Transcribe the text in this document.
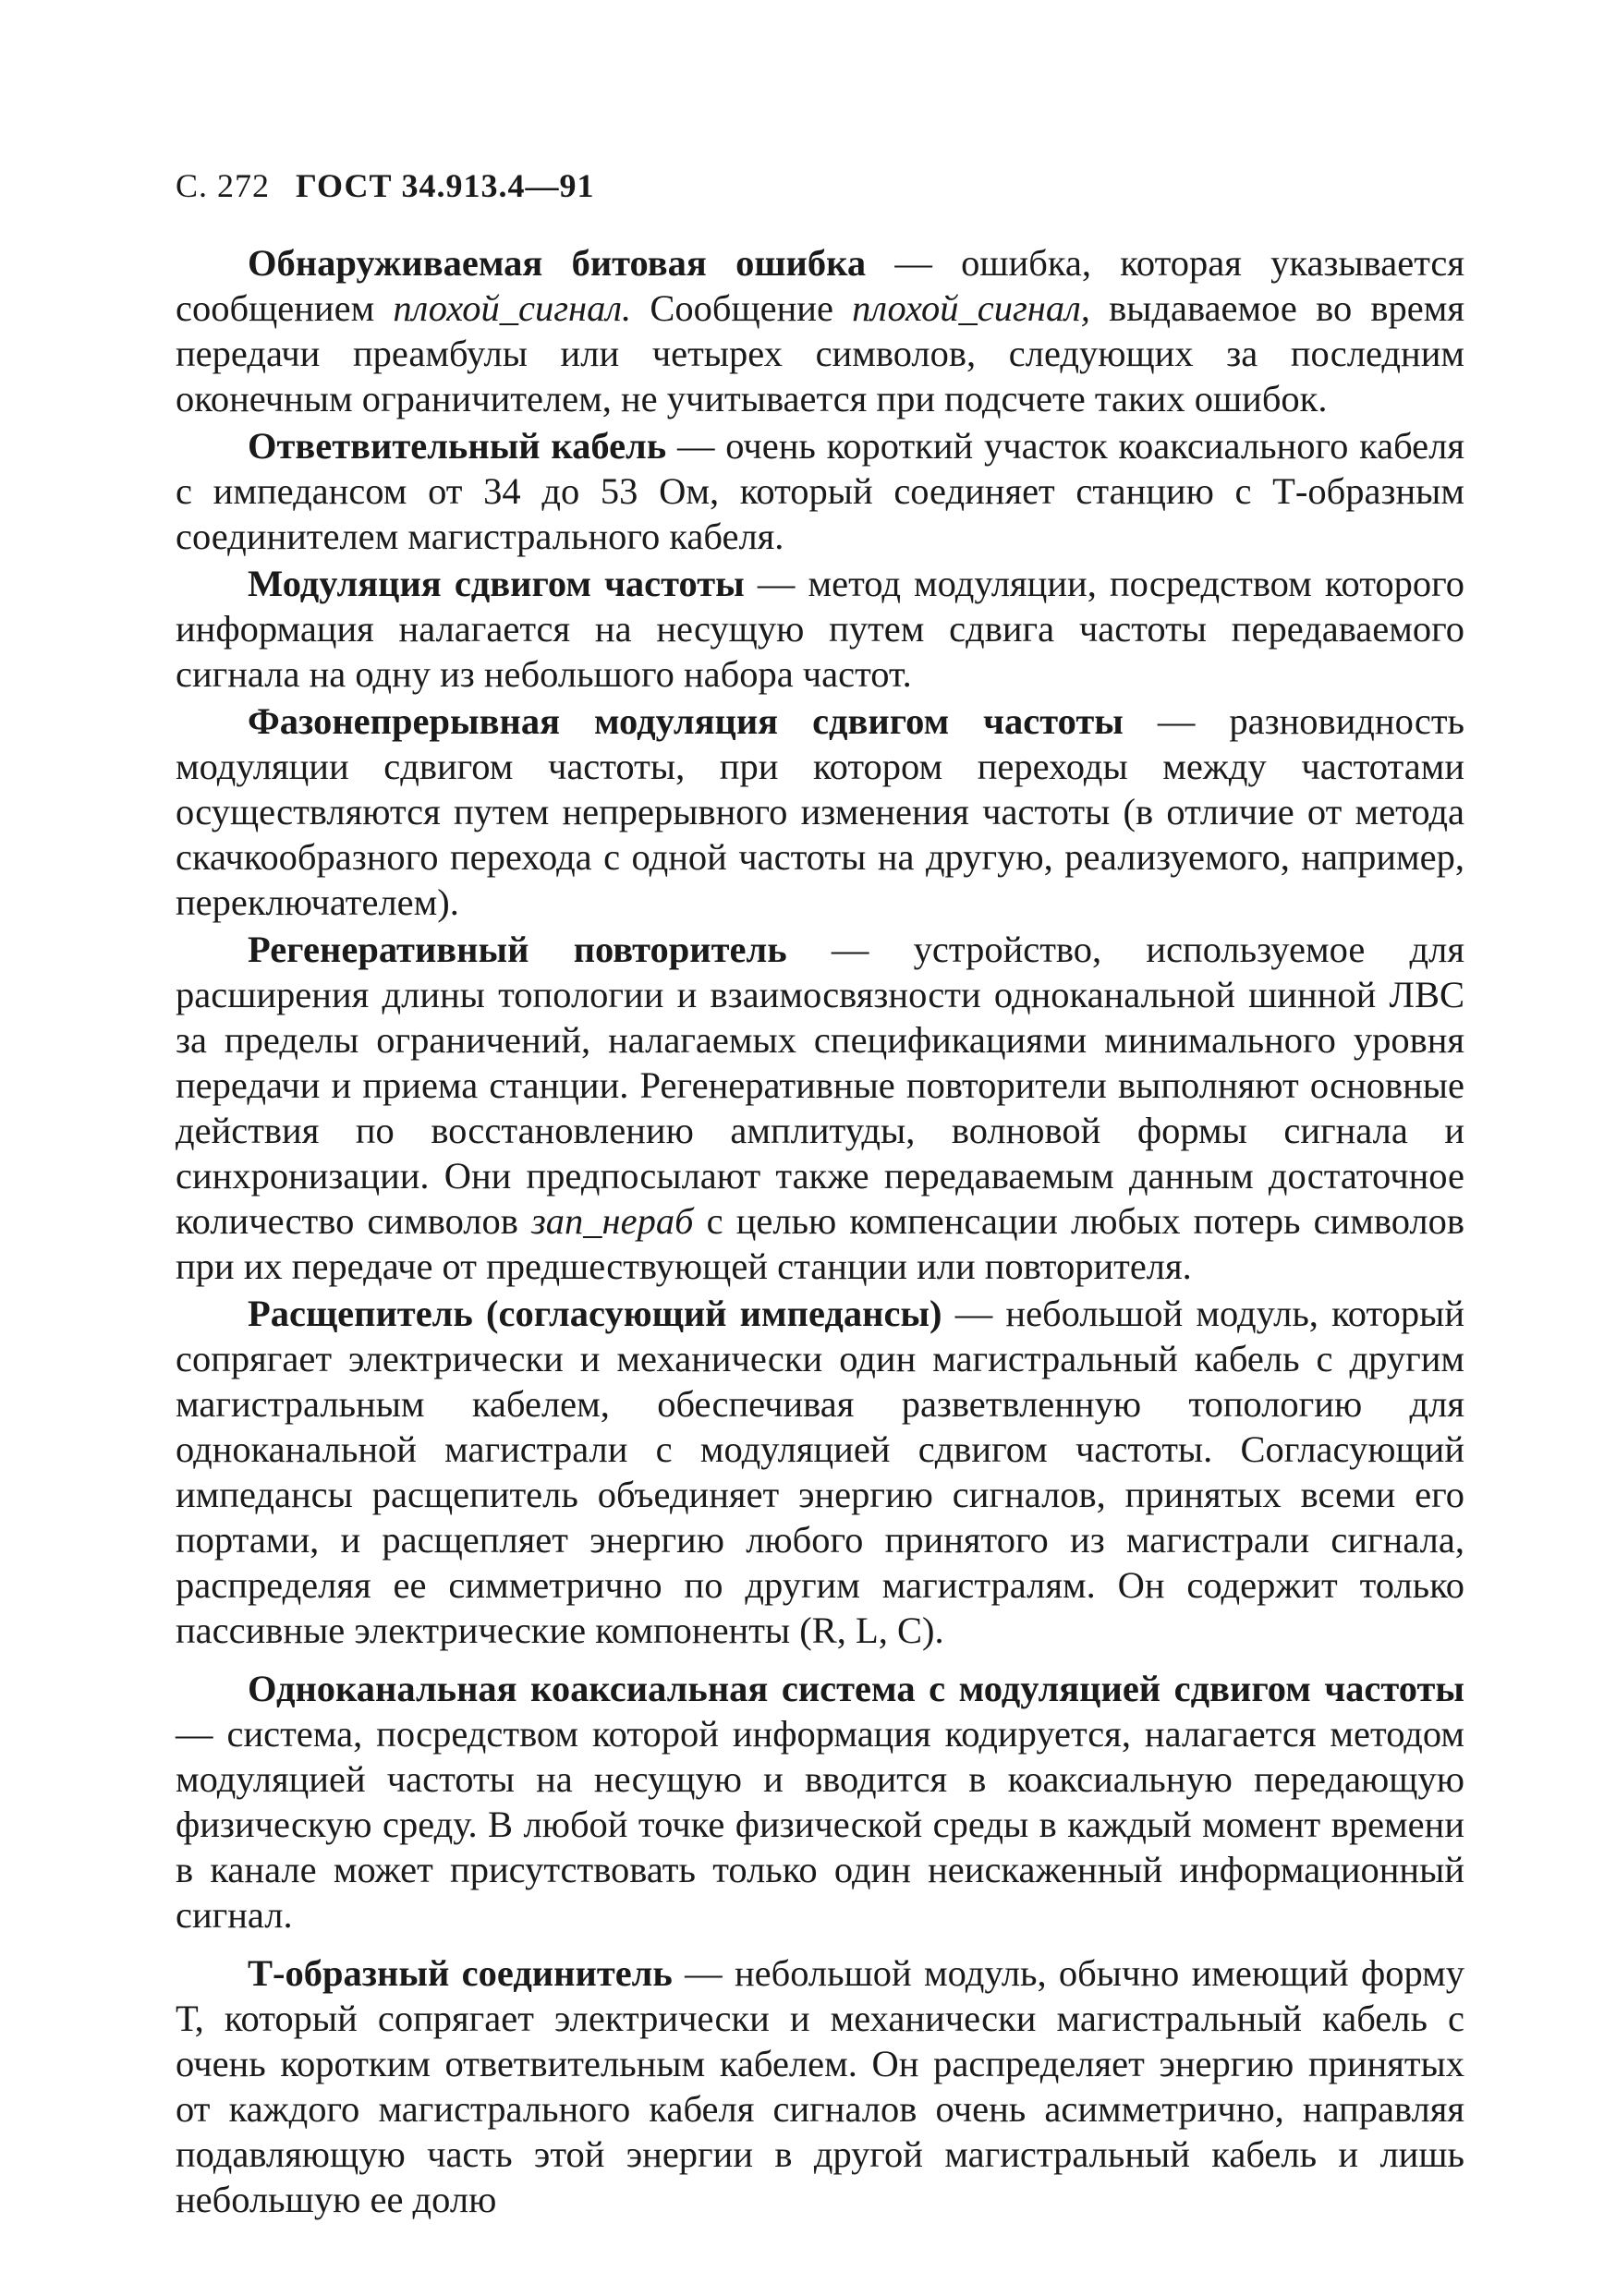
С. 272 ГОСТ 34.913.4—91

Обнаруживаемая битовая ошибка — ошибка, которая указывается сообщением плохой_сигнал. Сообщение плохой_сигнал, выдаваемое во время передачи преамбулы или четырех символов, следующих за последним оконечным ограничителем, не учитывается при подсчете таких ошибок.

Ответвительный кабель — очень короткий участок коаксиального кабеля с импедансом от 34 до 53 Ом, который соединяет станцию с Т-образным соединителем магистрального кабеля.

Модуляция сдвигом частоты — метод модуляции, посредством которого информация налагается на несущую путем сдвига частоты передаваемого сигнала на одну из небольшого набора частот.

Фазонепрерывная модуляция сдвигом частоты — разновидность модуляции сдвигом частоты, при котором переходы между частотами осуществляются путем непрерывного изменения частоты (в отличие от метода скачкообразного перехода с одной частоты на другую, реализуемого, например, переключателем).

Регенеративный повторитель — устройство, используемое для расширения длины топологии и взаимосвязности одноканальной шинной ЛВС за пределы ограничений, налагаемых спецификациями минимального уровня передачи и приема станции. Регенеративные повторители выполняют основные действия по восстановлению амплитуды, волновой формы сигнала и синхронизации. Они предпосылают также передаваемым данным достаточное количество символов зап_нераб с целью компенсации любых потерь символов при их передаче от предшествующей станции или повторителя.

Расщепитель (согласующий импедансы) — небольшой модуль, который сопрягает электрически и механически один магистральный кабель с другим магистральным кабелем, обеспечивая разветвленную топологию для одноканальной магистрали с модуляцией сдвигом частоты. Согласующий импедансы расщепитель объединяет энергию сигналов, принятых всеми его портами, и расщепляет энергию любого принятого из магистрали сигнала, распределяя ее симметрично по другим магистралям. Он содержит только пассивные электрические компоненты (R, L, C).

Одноканальная коаксиальная система с модуляцией сдвигом частоты — система, посредством которой информация кодируется, налагается методом модуляцией частоты на несущую и вводится в коаксиальную передающую физическую среду. В любой точке физической среды в каждый момент времени в канале может присутствовать только один неискаженный информационный сигнал.

Т-образный соединитель — небольшой модуль, обычно имеющий форму Т, который сопрягает электрически и механически магистральный кабель с очень коротким ответвительным кабелем. Он распределяет энергию принятых от каждого магистрального кабеля сигналов очень асимметрично, направляя подавляющую часть этой энергии в другой магистральный кабель и лишь небольшую ее долю
